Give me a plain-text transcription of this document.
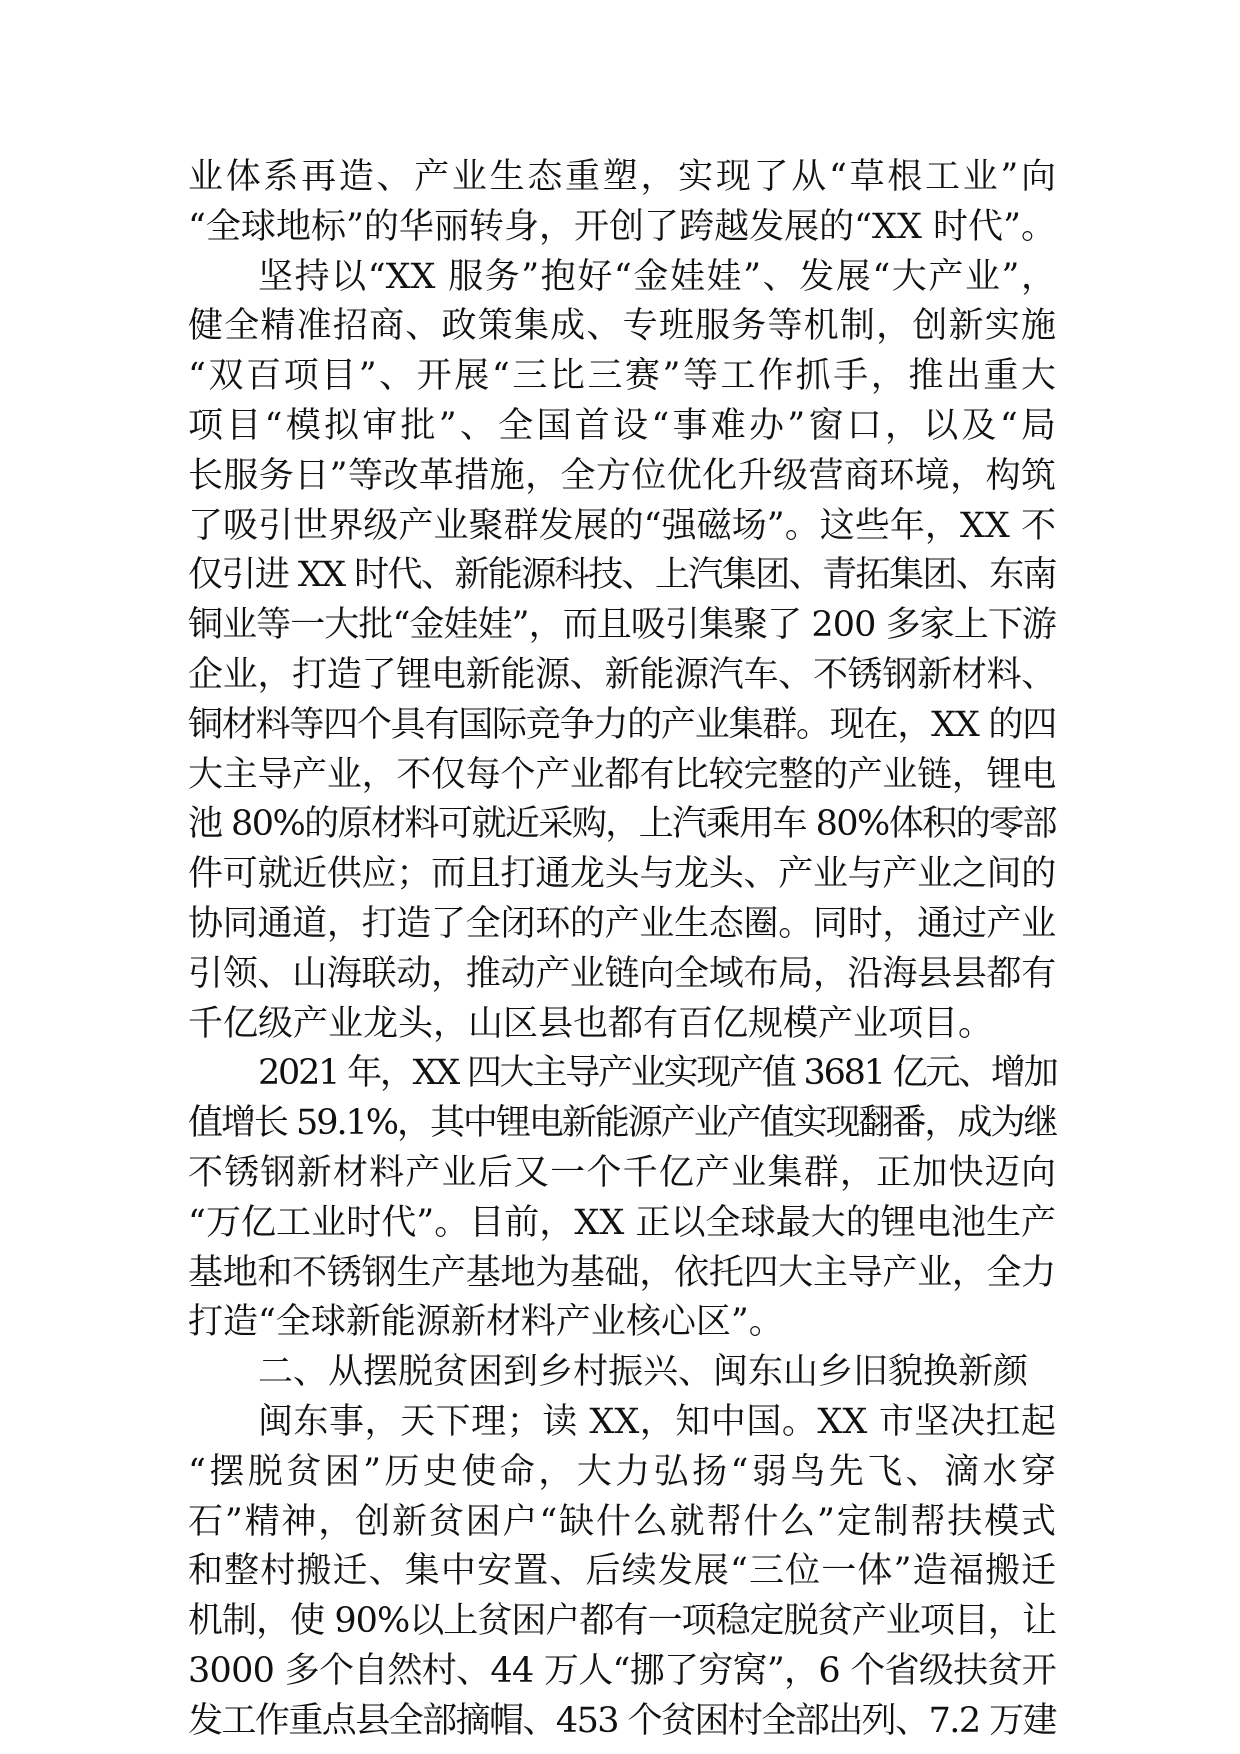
业体系再造、产业生态重塑，实现了从“草根工业”向
“全球地标”的华丽转身，开创了跨越发展的“XX 时代”。
坚持以“XX 服务”抱好“金娃娃”、发展“大产业”，
健全精准招商、政策集成、专班服务等机制，创新实施
“双百项目”、开展“三比三赛”等工作抓手，推出重大
项目“模拟审批”、全国首设“事难办”窗口，以及“局
长服务日”等改革措施，全方位优化升级营商环境，构筑
了吸引世界级产业聚群发展的“强磁场”。这些年，XX 不
仅引进 XX 时代、新能源科技、上汽集团、青拓集团、东南
铜业等一大批“金娃娃”，而且吸引集聚了 200 多家上下游
企业，打造了锂电新能源、新能源汽车、不锈钢新材料、
铜材料等四个具有国际竞争力的产业集群。现在，XX 的四
大主导产业，不仅每个产业都有比较完整的产业链，锂电
池 80%的原材料可就近采购，上汽乘用车 80%体积的零部
件可就近供应；而且打通龙头与龙头、产业与产业之间的
协同通道，打造了全闭环的产业生态圈。同时，通过产业
引领、山海联动，推动产业链向全域布局，沿海县县都有
千亿级产业龙头，山区县也都有百亿规模产业项目。
2021 年，XX 四大主导产业实现产值 3681 亿元、增加
值增长 59.1%，其中锂电新能源产业产值实现翻番，成为继
不锈钢新材料产业后又一个千亿产业集群，正加快迈向
“万亿工业时代”。目前，XX 正以全球最大的锂电池生产
基地和不锈钢生产基地为基础，依托四大主导产业，全力
打造“全球新能源新材料产业核心区”。
二、从摆脱贫困到乡村振兴、闽东山乡旧貌换新颜
闽东事，天下理；读 XX，知中国。XX 市坚决扛起
“摆脱贫困”历史使命，大力弘扬“弱鸟先飞、滴水穿
石”精神，创新贫困户“缺什么就帮什么”定制帮扶模式
和整村搬迁、集中安置、后续发展“三位一体”造福搬迁
机制，使 90%以上贫困户都有一项稳定脱贫产业项目，让
3000 多个自然村、44 万人“挪了穷窝”，6 个省级扶贫开
发工作重点县全部摘帽、453 个贫困村全部出列、7.2 万建
